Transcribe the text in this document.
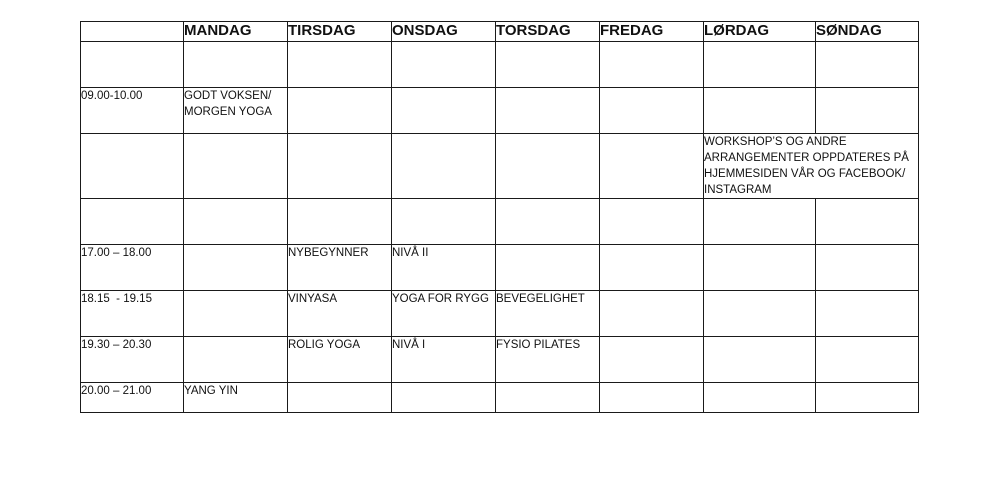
	MANDAG	TIRSDAG	ONSDAG	TORSDAG	FREDAG	LØRDAG	SØNDAG

09.00-10.00	GODT VOKSEN/ MORGEN YOGA						
						WORKSHOP’S OG ANDRE ARRANGEMENTER OPPDATERES PÅ HJEMMESIDEN VÅR OG FACEBOOK/ INSTAGRAM	

17.00 – 18.00		NYBEGYNNER	NIVÅ II				
18.15  - 19.15		VINYASA	YOGA FOR RYGG	BEVEGELIGHET			
19.30 – 20.30		ROLIG YOGA	NIVÅ I	FYSIO PILATES			
20.00 – 21.00	YANG YIN						
